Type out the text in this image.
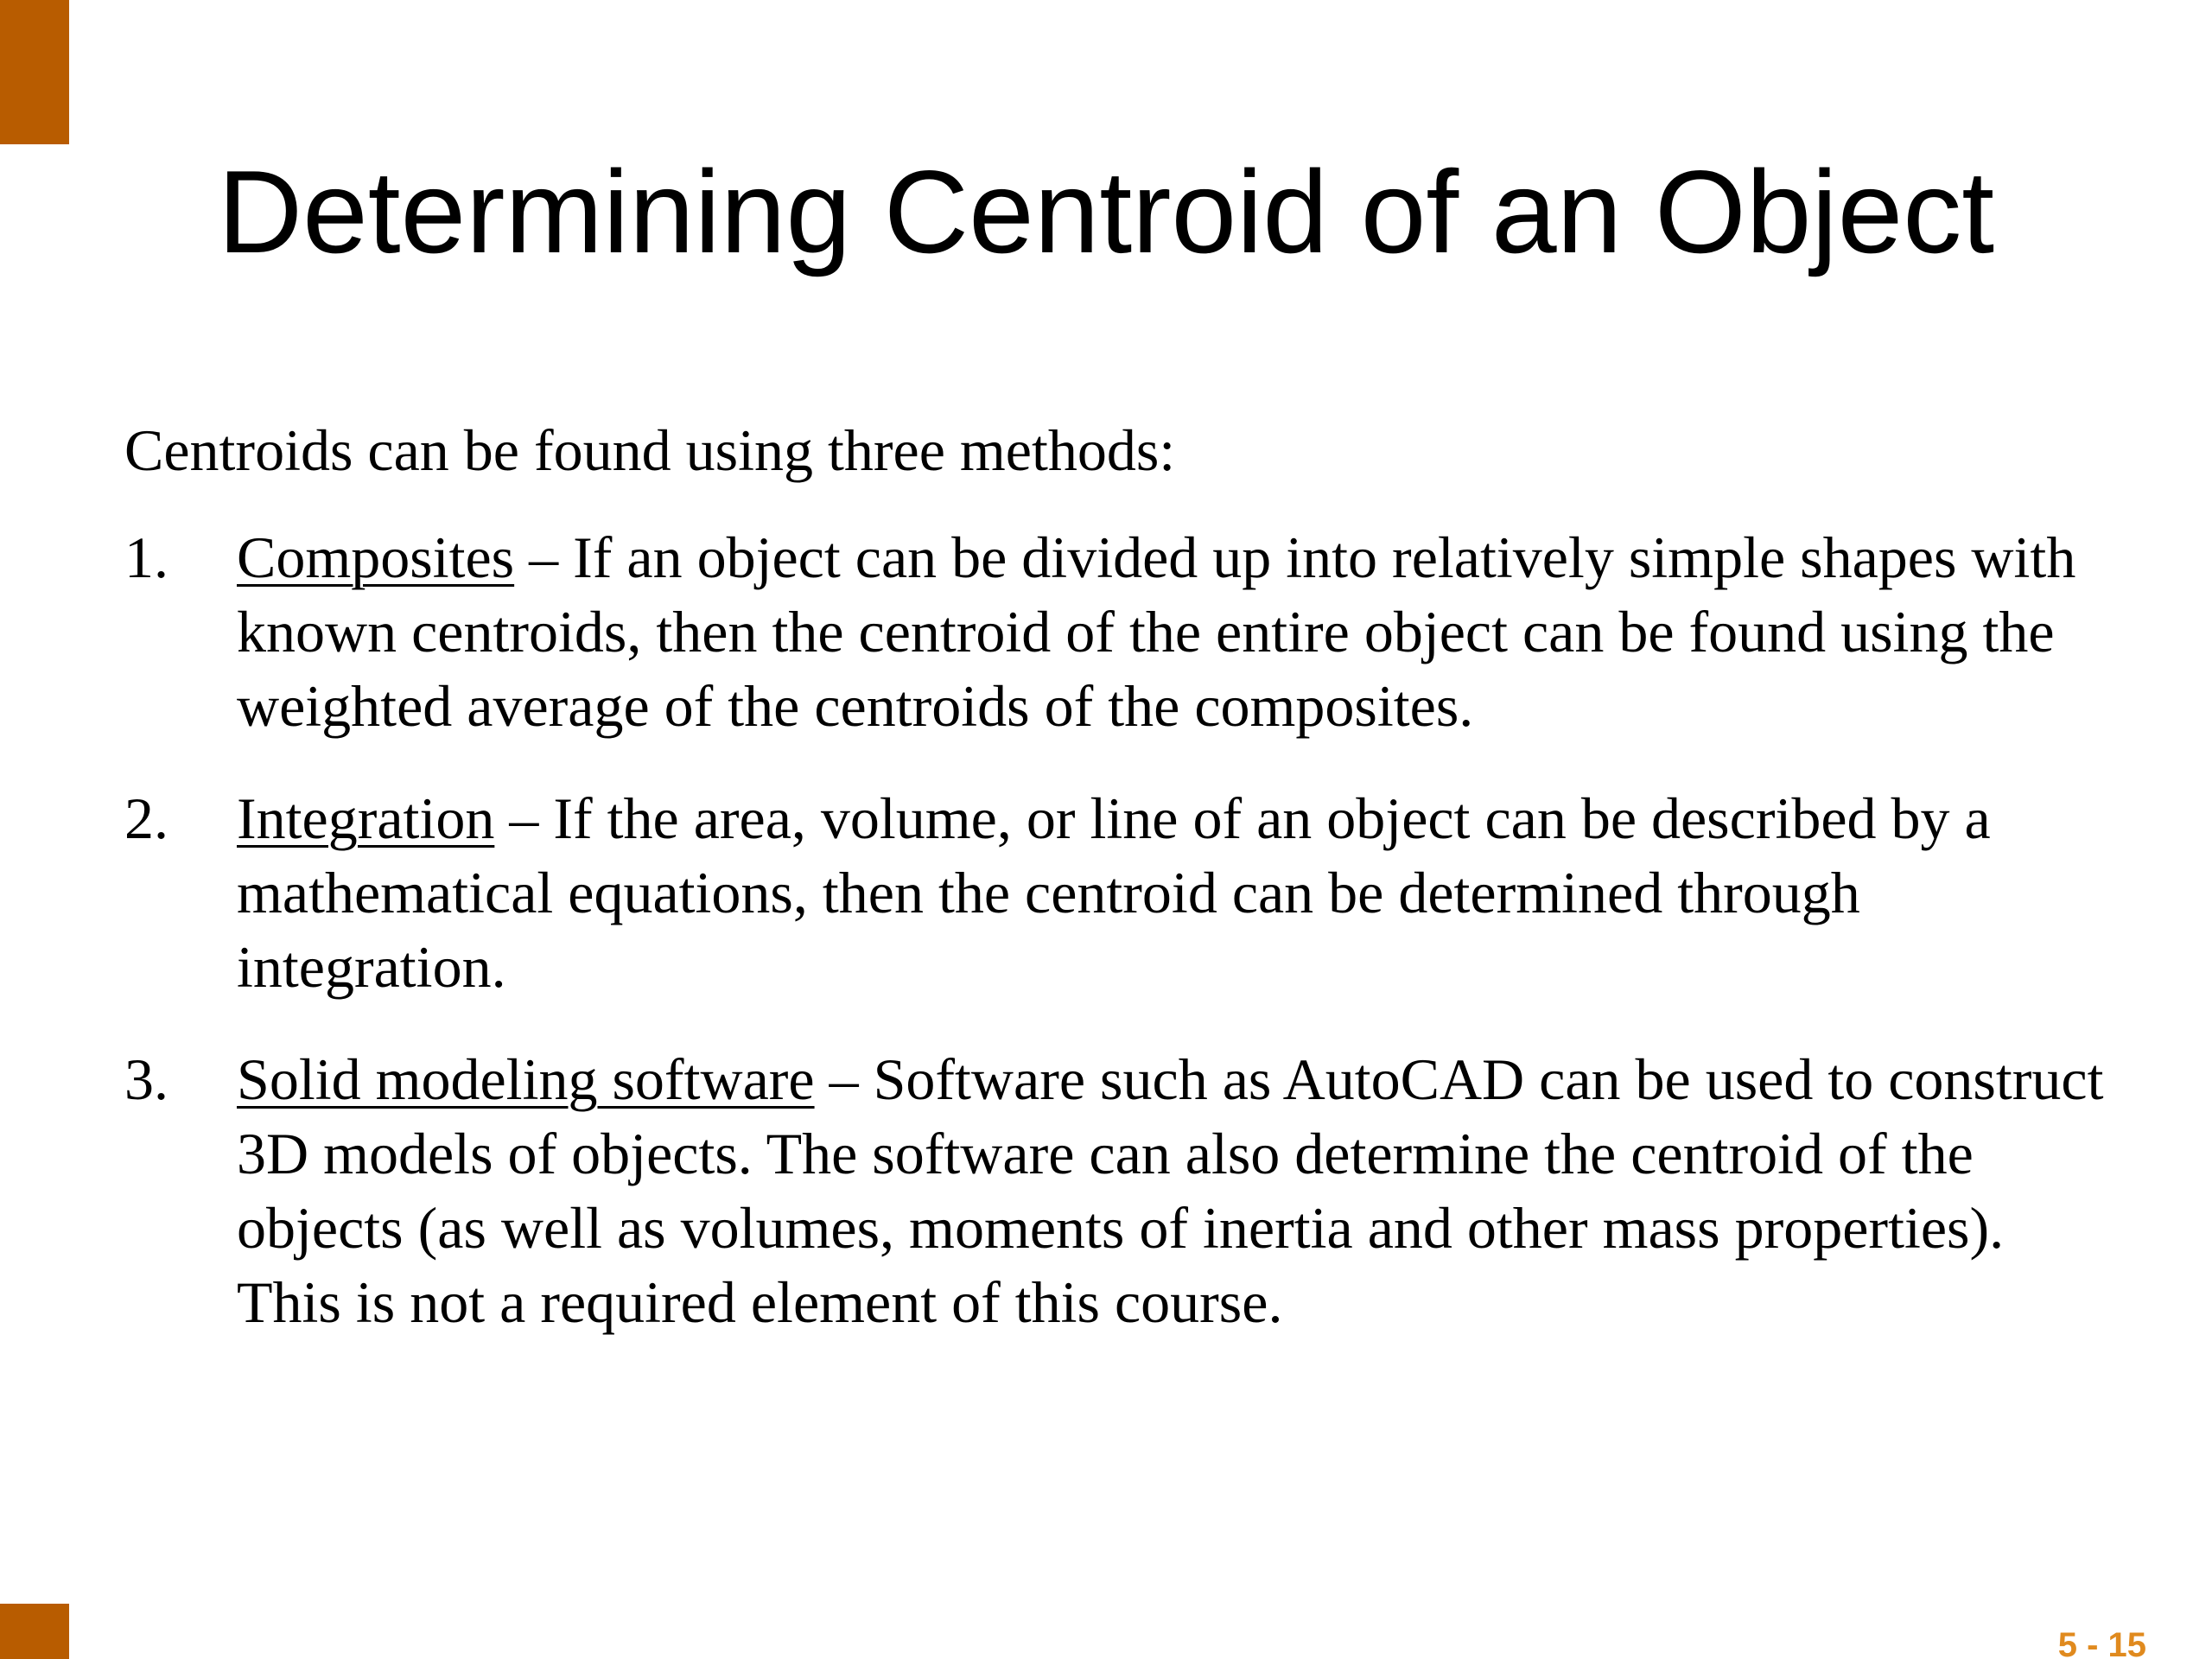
Determining Centroid of an Object

Centroids can be found using three methods:

1. Composites – If an object can be divided up into relatively simple shapes with known centroids, then the centroid of the entire object can be found using the weighted average of the centroids of the composites.
2. Integration – If the area, volume, or line of an object can be described by a mathematical equations, then the centroid can be determined through integration.
3. Solid modeling software – Software such as AutoCAD can be used to construct 3D models of objects. The software can also determine the centroid of the objects (as well as volumes, moments of inertia and other mass properties). This is not a required element of this course.

5 - 15
